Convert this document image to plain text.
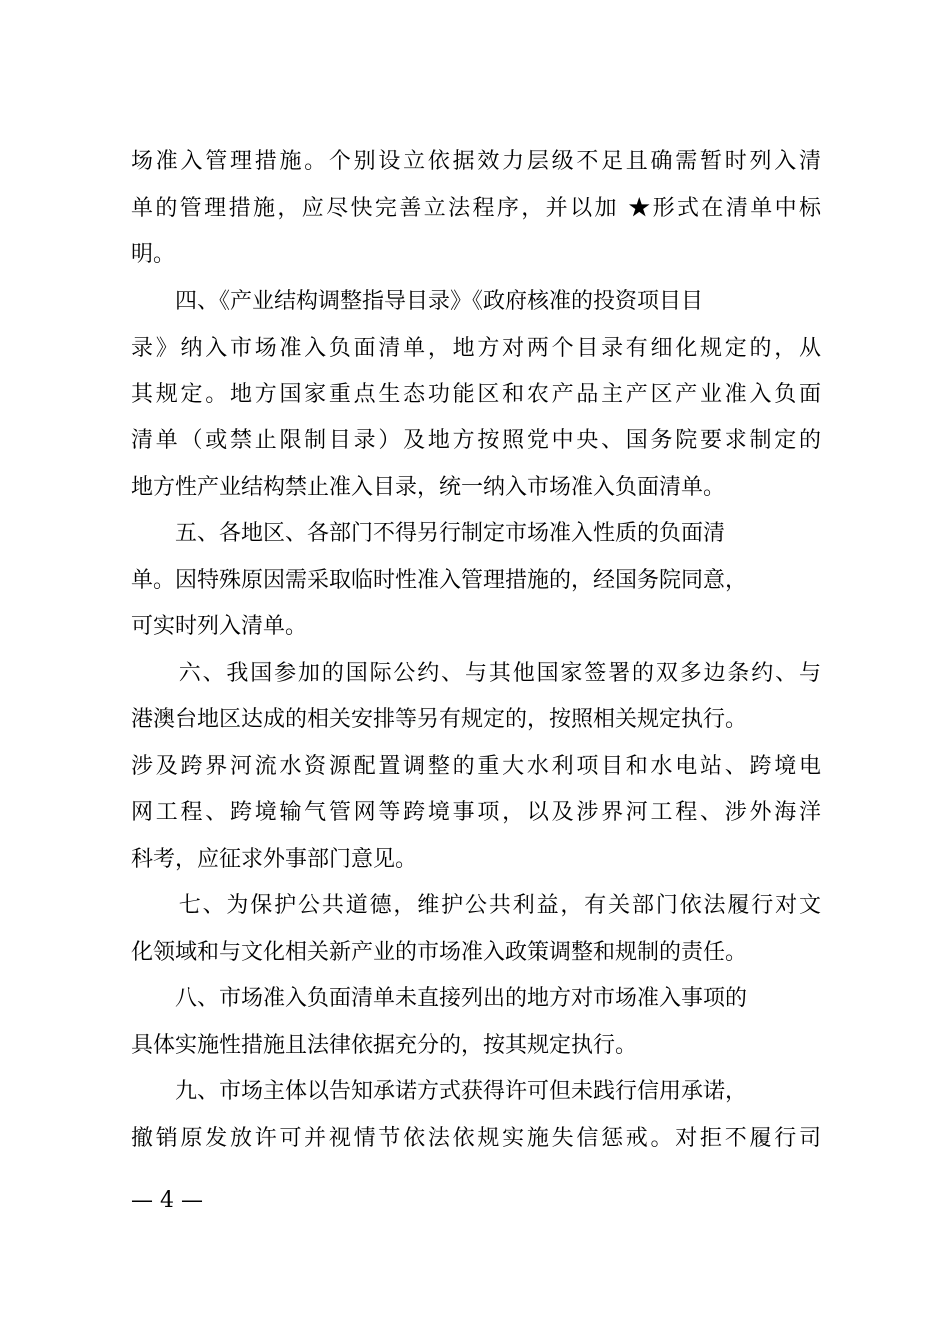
场准入管理措施。个别设立依据效力层级不足且确需暂时列入清

单的管理措施，应尽快完善立法程序，并以加 ★形式在清单中标

明。

　　四、《产业结构调整指导目录》《政府核准的投资项目目

录》纳入市场准入负面清单，地方对两个目录有细化规定的，从

其规定。地方国家重点生态功能区和农产品主产区产业准入负面

清单（或禁止限制目录）及地方按照党中央、国务院要求制定的

地方性产业结构禁止准入目录，统一纳入市场准入负面清单。

　　五、各地区、各部门不得另行制定市场准入性质的负面清

单。因特殊原因需采取临时性准入管理措施的，经国务院同意，

可实时列入清单。

　　六、我国参加的国际公约、与其他国家签署的双多边条约、与

港澳台地区达成的相关安排等另有规定的，按照相关规定执行。

涉及跨界河流水资源配置调整的重大水利项目和水电站、跨境电

网工程、跨境输气管网等跨境事项，以及涉界河工程、涉外海洋

科考，应征求外事部门意见。

　　七、为保护公共道德，维护公共利益，有关部门依法履行对文

化领域和与文化相关新产业的市场准入政策调整和规制的责任。

　　八、市场准入负面清单未直接列出的地方对市场准入事项的

具体实施性措施且法律依据充分的，按其规定执行。

　　九、市场主体以告知承诺方式获得许可但未践行信用承诺，

撤销原发放许可并视情节依法依规实施失信惩戒。对拒不履行司

— 4 —
